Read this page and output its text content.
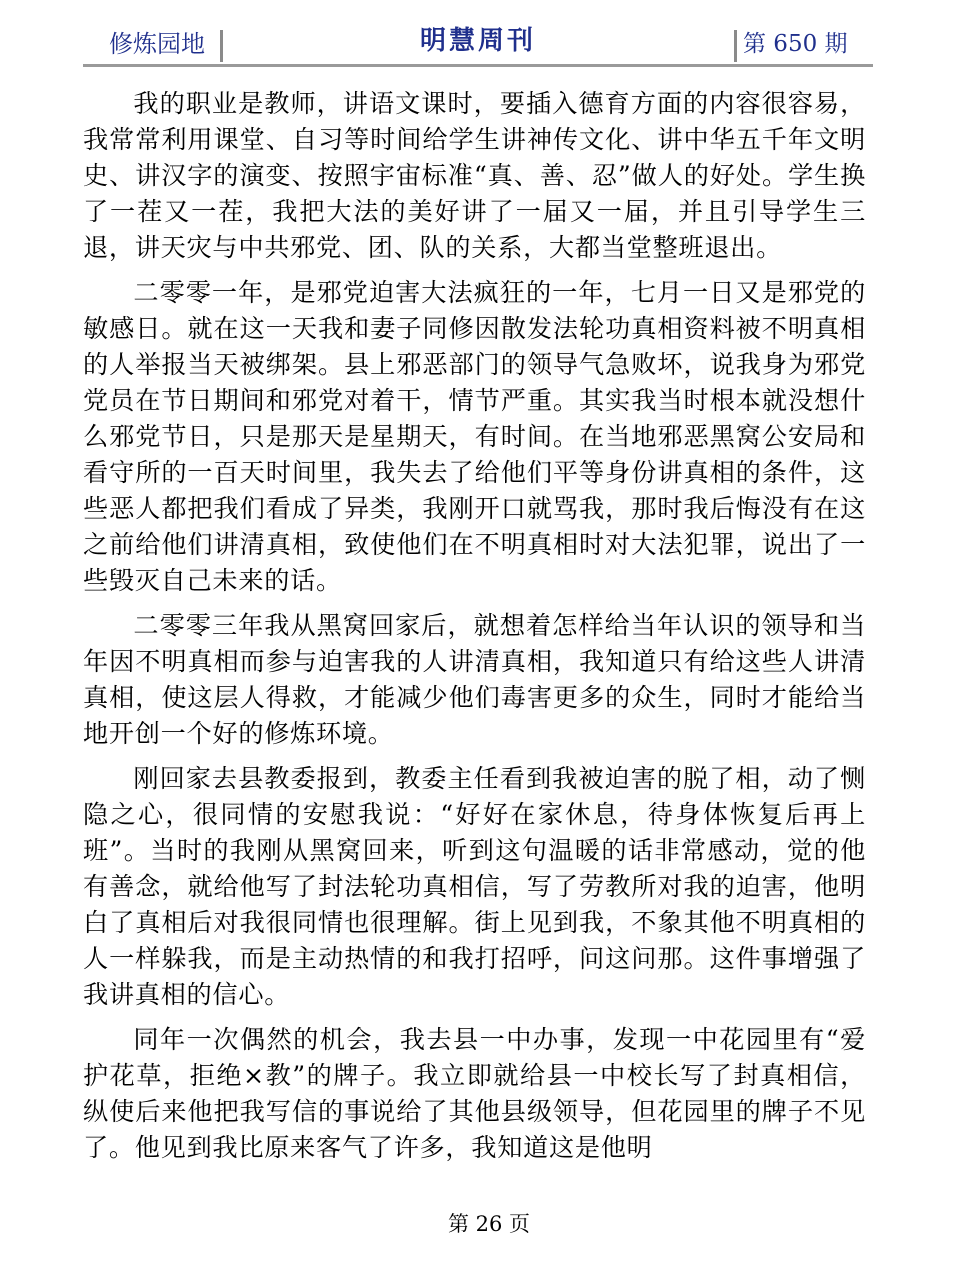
修炼园地	明慧周刊	第 650 期

我的职业是教师，讲语文课时，要插入德育方面的内容很容易，我常常利用课堂、自习等时间给学生讲神传文化、讲中华五千年文明史、讲汉字的演变、按照宇宙标准“真、善、忍”做人的好处。学生换了一茬又一茬，我把大法的美好讲了一届又一届，并且引导学生三退，讲天灾与中共邪党、团、队的关系，大都当堂整班退出。

二零零一年，是邪党迫害大法疯狂的一年，七月一日又是邪党的敏感日。就在这一天我和妻子同修因散发法轮功真相资料被不明真相的人举报当天被绑架。县上邪恶部门的领导气急败坏，说我身为邪党党员在节日期间和邪党对着干，情节严重。其实我当时根本就没想什么邪党节日，只是那天是星期天，有时间。在当地邪恶黑窝公安局和看守所的一百天时间里，我失去了给他们平等身份讲真相的条件，这些恶人都把我们看成了异类，我刚开口就骂我，那时我后悔没有在这之前给他们讲清真相，致使他们在不明真相时对大法犯罪，说出了一些毁灭自己未来的话。

二零零三年我从黑窝回家后，就想着怎样给当年认识的领导和当年因不明真相而参与迫害我的人讲清真相，我知道只有给这些人讲清真相，使这层人得救，才能减少他们毒害更多的众生，同时才能给当地开创一个好的修炼环境。

刚回家去县教委报到，教委主任看到我被迫害的脱了相，动了恻隐之心，很同情的安慰我说：“好好在家休息，待身体恢复后再上班”。当时的我刚从黑窝回来，听到这句温暖的话非常感动，觉的他有善念，就给他写了封法轮功真相信，写了劳教所对我的迫害，他明白了真相后对我很同情也很理解。街上见到我，不象其他不明真相的人一样躲我，而是主动热情的和我打招呼，问这问那。这件事增强了我讲真相的信心。

同年一次偶然的机会，我去县一中办事，发现一中花园里有“爱护花草，拒绝×教”的牌子。我立即就给县一中校长写了封真相信，纵使后来他把我写信的事说给了其他县级领导，但花园里的牌子不见了。他见到我比原来客气了许多，我知道这是他明

第 26 页
